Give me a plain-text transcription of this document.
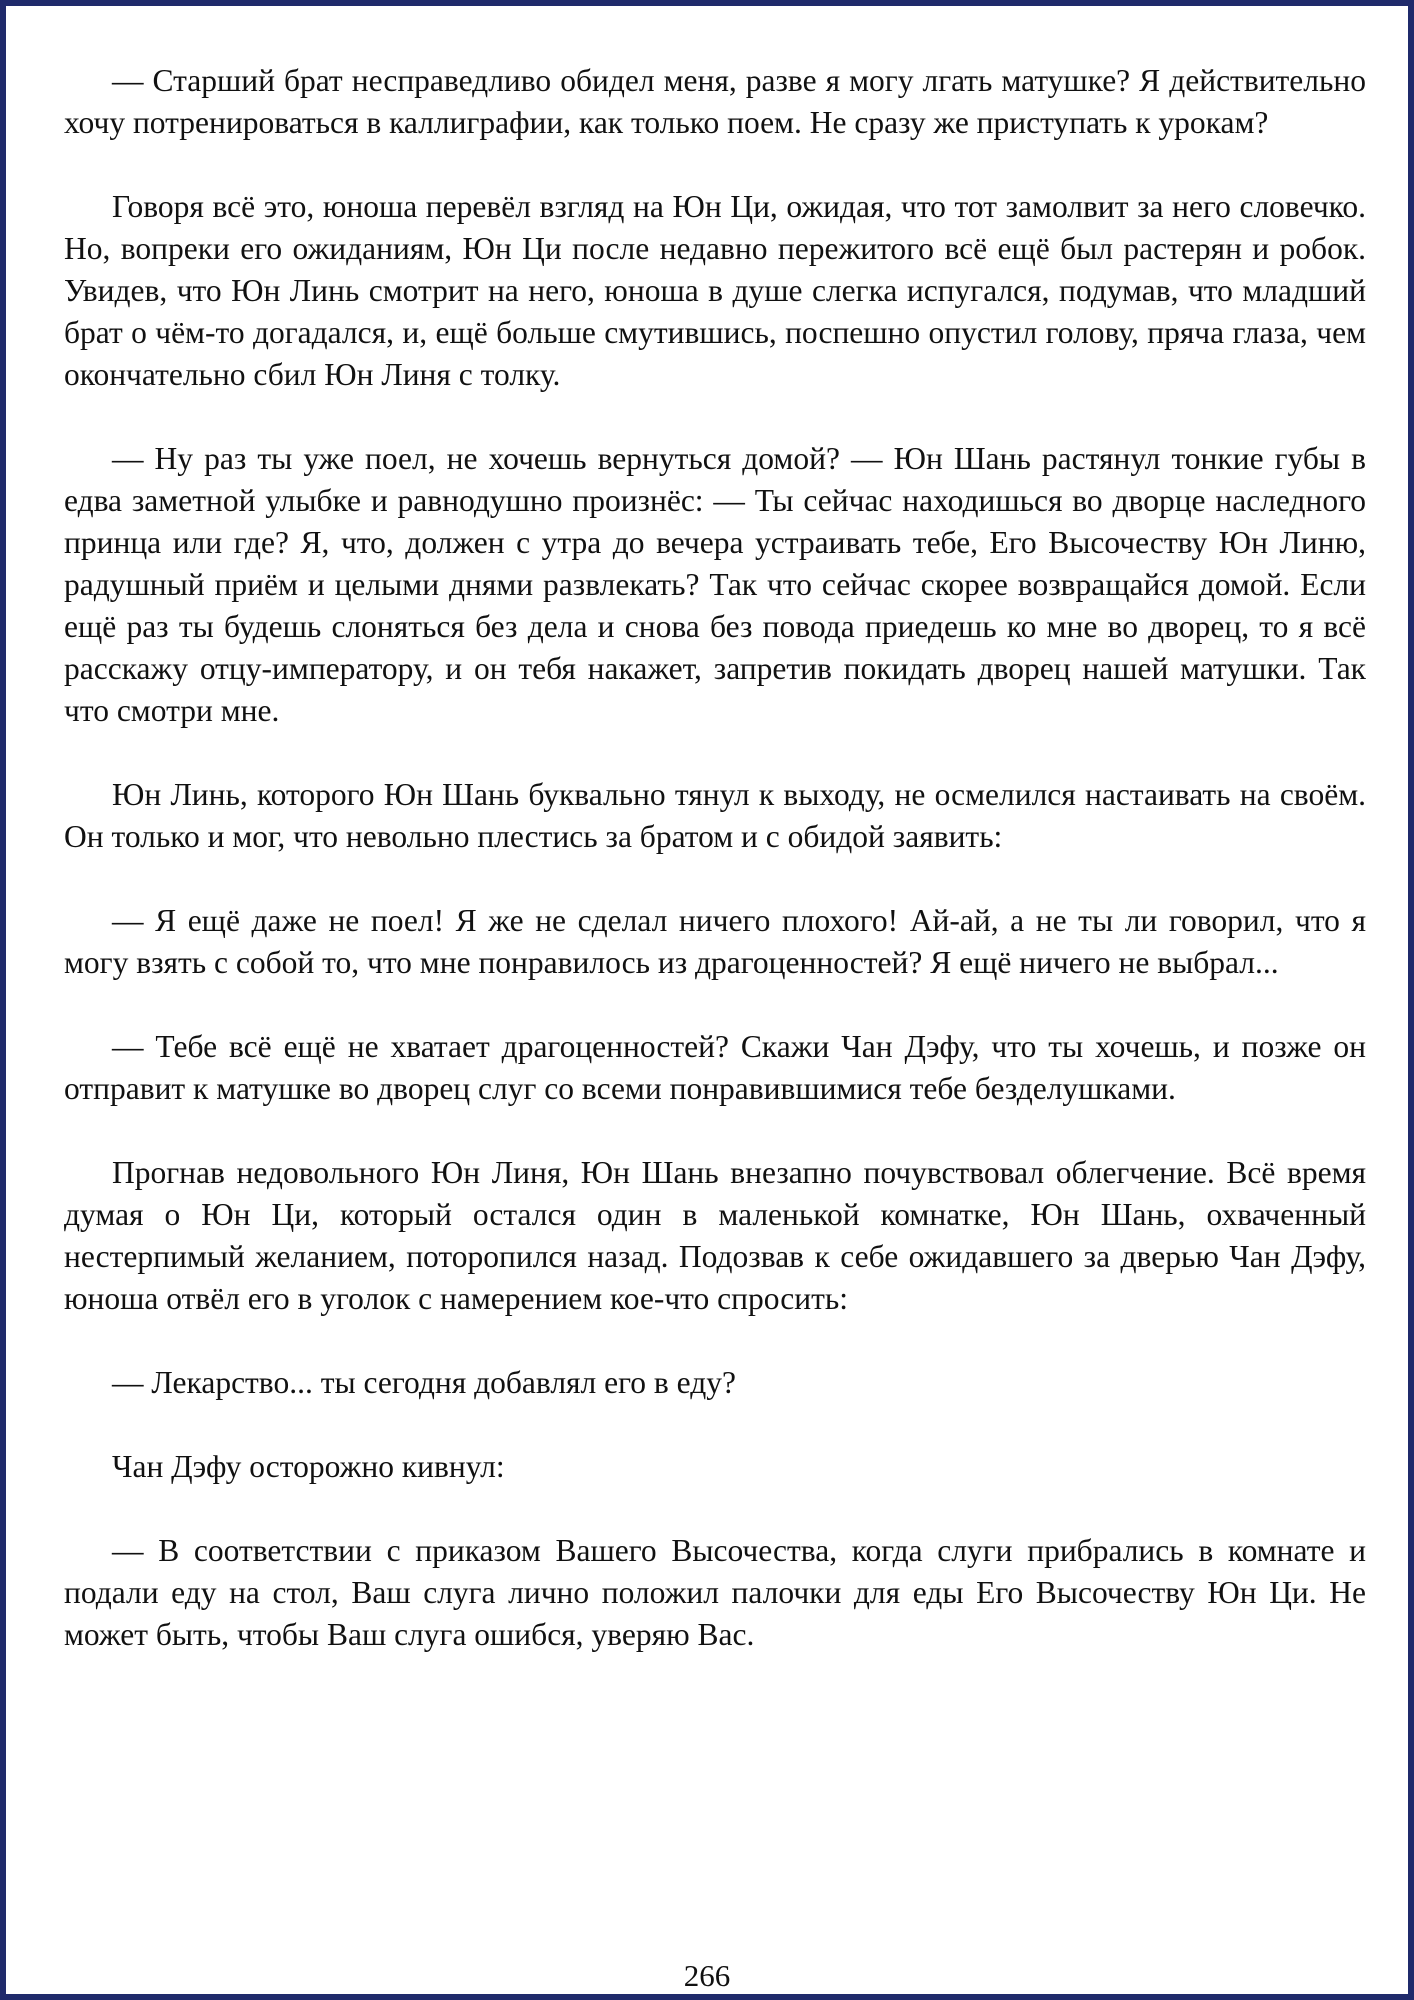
— Старший брат несправедливо обидел меня, разве я могу лгать матушке? Я действительно хочу потренироваться в каллиграфии, как только поем. Не сразу же приступать к урокам?

Говоря всё это, юноша перевёл взгляд на Юн Ци, ожидая, что тот замолвит за него словечко. Но, вопреки его ожиданиям, Юн Ци после недавно пережитого всё ещё был растерян и робок. Увидев, что Юн Линь смотрит на него, юноша в душе слегка испугался, подумав, что младший брат о чём-то догадался, и, ещё больше смутившись, поспешно опустил голову, пряча глаза, чем окончательно сбил Юн Линя с толку.

— Ну раз ты уже поел, не хочешь вернуться домой? — Юн Шань растянул тонкие губы в едва заметной улыбке и равнодушно произнёс: — Ты сейчас находишься во дворце наследного принца или где? Я, что, должен с утра до вечера устраивать тебе, Его Высочеству Юн Линю, радушный приём и целыми днями развлекать? Так что сейчас скорее возвращайся домой. Если ещё раз ты будешь слоняться без дела и снова без повода приедешь ко мне во дворец, то я всё расскажу отцу-императору, и он тебя накажет, запретив покидать дворец нашей матушки. Так что смотри мне.

Юн Линь, которого Юн Шань буквально тянул к выходу, не осмелился настаивать на своём. Он только и мог, что невольно плестись за братом и с обидой заявить:

— Я ещё даже не поел! Я же не сделал ничего плохого! Ай-ай, а не ты ли говорил, что я могу взять с собой то, что мне понравилось из драгоценностей? Я ещё ничего не выбрал...

— Тебе всё ещё не хватает драгоценностей? Скажи Чан Дэфу, что ты хочешь, и позже он отправит к матушке во дворец слуг со всеми понравившимися тебе безделушками.

Прогнав недовольного Юн Линя, Юн Шань внезапно почувствовал облегчение. Всё время думая о Юн Ци, который остался один в маленькой комнатке, Юн Шань, охваченный нестерпимый желанием, поторопился назад. Подозвав к себе ожидавшего за дверью Чан Дэфу, юноша отвёл его в уголок с намерением кое-что спросить:

— Лекарство... ты сегодня добавлял его в еду?

Чан Дэфу осторожно кивнул:

— В соответствии с приказом Вашего Высочества, когда слуги прибрались в комнате и подали еду на стол, Ваш слуга лично положил палочки для еды Его Высочеству Юн Ци. Не может быть, чтобы Ваш слуга ошибся, уверяю Вас.

266
